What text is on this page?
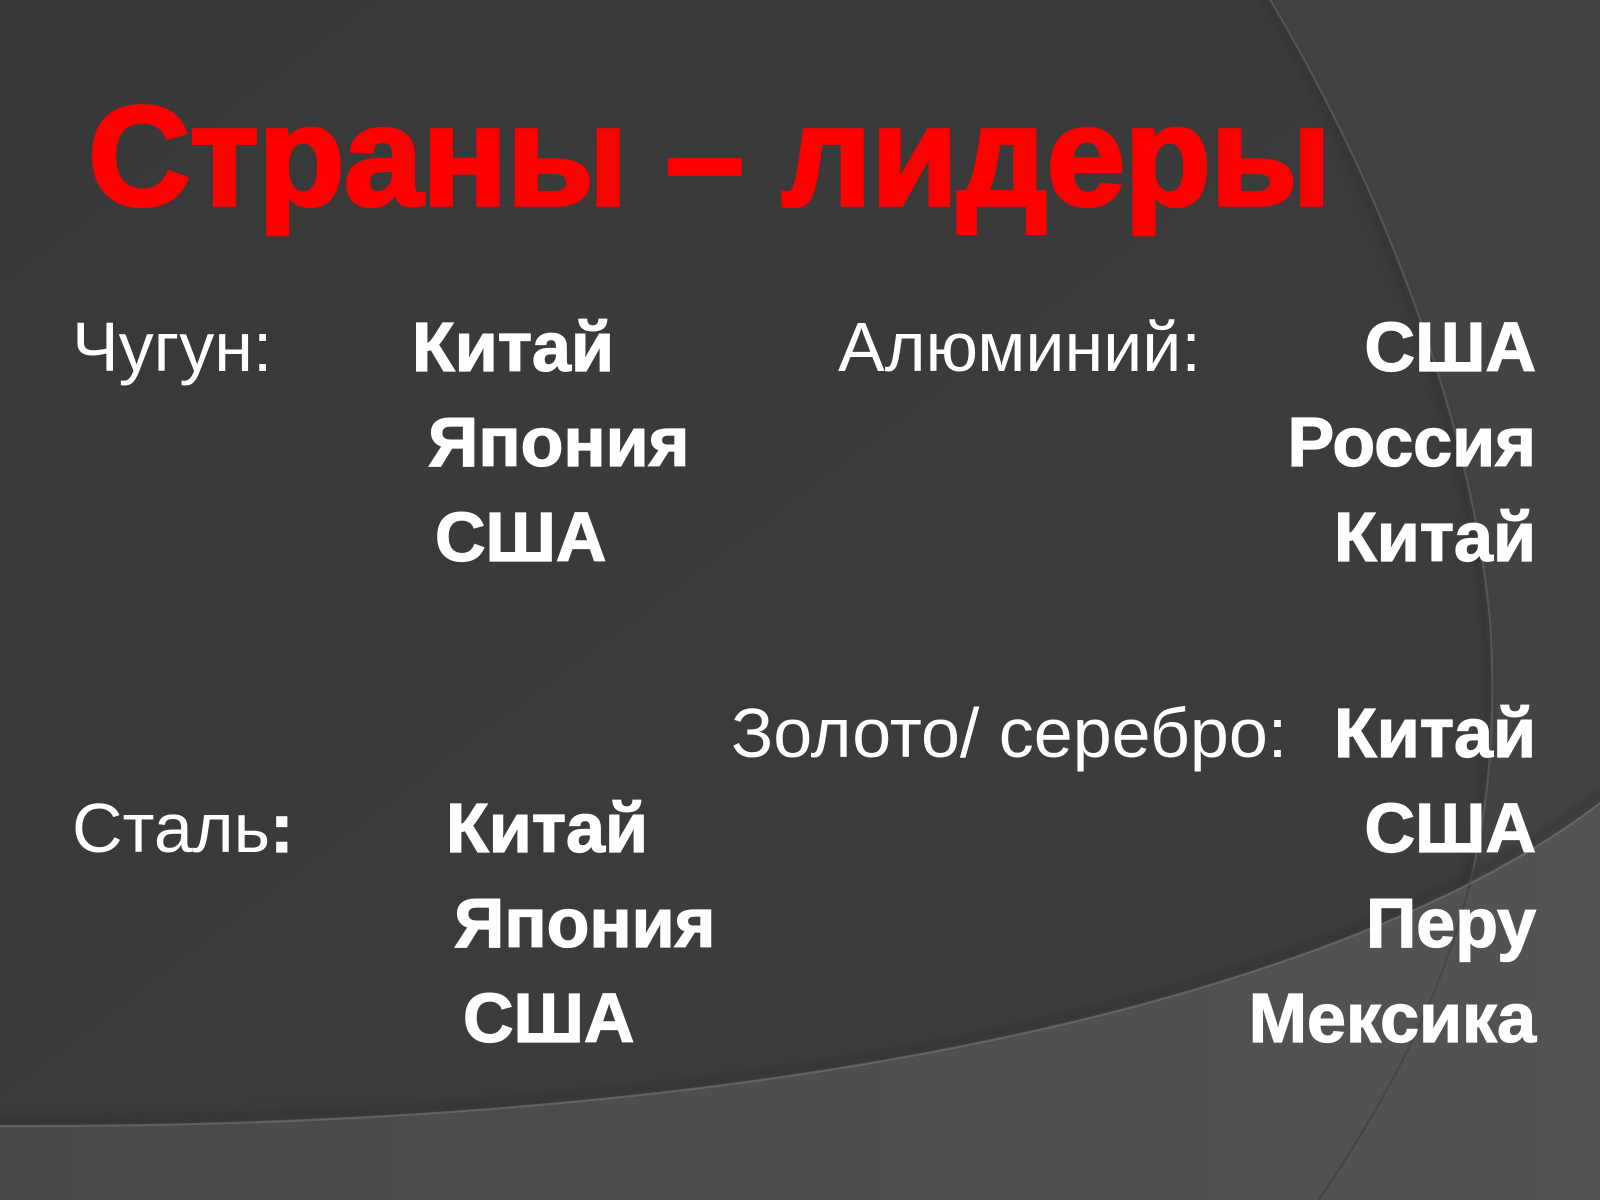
Страны – лидеры
Чугун: Китай	Алюминий: США
Япония	Россия
США	Китай
Золото/ серебро: Китай
Сталь: Китай	США
Япония	Перу
США	Мексика
